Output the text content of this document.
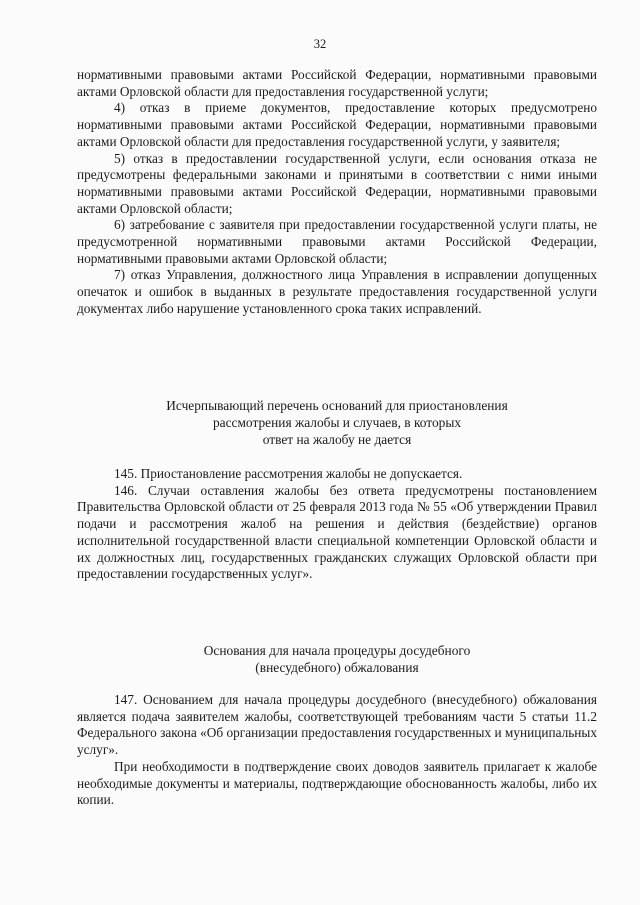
32

нормативными правовыми актами Российской Федерации, нормативными правовыми актами Орловской области для предоставления государственной услуги;

4) отказ в приеме документов, предоставление которых предусмотрено нормативными правовыми актами Российской Федерации, нормативными правовыми актами Орловской области для предоставления государственной услуги, у заявителя;

5) отказ в предоставлении государственной услуги, если основания отказа не предусмотрены федеральными законами и принятыми в соответствии с ними иными нормативными правовыми актами Российской Федерации, нормативными правовыми актами Орловской области;

6) затребование с заявителя при предоставлении государственной услуги платы, не предусмотренной нормативными правовыми актами Российской Федерации, нормативными правовыми актами Орловской области;

7) отказ Управления, должностного лица Управления в исправлении допущенных опечаток и ошибок в выданных в результате предоставления государственной услуги документах либо нарушение установленного срока таких исправлений.

Исчерпывающий перечень оснований для приостановления
рассмотрения жалобы и случаев, в которых
ответ на жалобу не дается

145. Приостановление рассмотрения жалобы не допускается.

146. Случаи оставления жалобы без ответа предусмотрены постановлением Правительства Орловской области от 25 февраля 2013 года № 55 «Об утверждении Правил подачи и рассмотрения жалоб на решения и действия (бездействие) органов исполнительной государственной власти специальной компетенции Орловской области и их должностных лиц, государственных гражданских служащих Орловской области при предоставлении государственных услуг».

Основания для начала процедуры досудебного
(внесудебного) обжалования

147. Основанием для начала процедуры досудебного (внесудебного) обжалования является подача заявителем жалобы, соответствующей требованиям части 5 статьи 11.2 Федерального закона «Об организации предоставления государственных и муниципальных услуг».

При необходимости в подтверждение своих доводов заявитель прилагает к жалобе необходимые документы и материалы, подтверждающие обоснованность жалобы, либо их копии.
